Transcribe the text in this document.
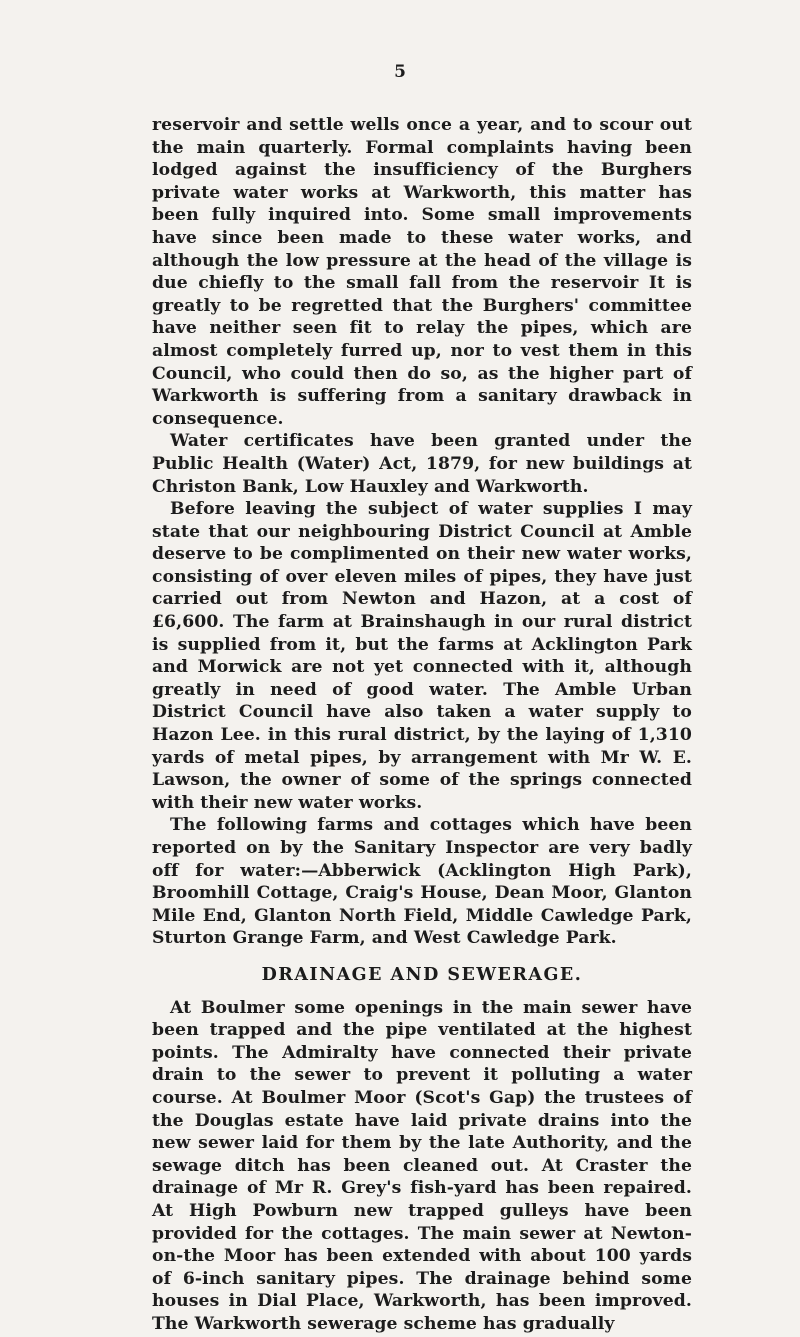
5

reservoir and settle wells once a year, and to scour out the main quarterly. Formal complaints having been lodged against the insufficiency of the Burghers private water works at Warkworth, this matter has been fully inquired into. Some small improvements have since been made to these water works, and although the low pressure at the head of the village is due chiefly to the small fall from the reservoir It is greatly to be regretted that the Burghers' committee have neither seen fit to relay the pipes, which are almost completely furred up, nor to vest them in this Council, who could then do so, as the higher part of Warkworth is suffering from a sanitary drawback in consequence.

Water certificates have been granted under the Public Health (Water) Act, 1879, for new buildings at Christon Bank, Low Hauxley and Warkworth.

Before leaving the subject of water supplies I may state that our neighbouring District Council at Amble deserve to be complimented on their new water works, consisting of over eleven miles of pipes, they have just carried out from Newton and Hazon, at a cost of £6,600. The farm at Brainshaugh in our rural district is supplied from it, but the farms at Acklington Park and Morwick are not yet connected with it, although greatly in need of good water. The Amble Urban District Council have also taken a water supply to Hazon Lee. in this rural district, by the laying of 1,310 yards of metal pipes, by arrangement with Mr W. E. Lawson, the owner of some of the springs connected with their new water works.

The following farms and cottages which have been reported on by the Sanitary Inspector are very badly off for water:—Abberwick (Acklington High Park), Broomhill Cottage, Craig's House, Dean Moor, Glanton Mile End, Glanton North Field, Middle Cawledge Park, Sturton Grange Farm, and West Cawledge Park.

DRAINAGE AND SEWERAGE.

At Boulmer some openings in the main sewer have been trapped and the pipe ventilated at the highest points. The Admiralty have connected their private drain to the sewer to prevent it polluting a water course. At Boulmer Moor (Scot's Gap) the trustees of the Douglas estate have laid private drains into the new sewer laid for them by the late Authority, and the sewage ditch has been cleaned out. At Craster the drainage of Mr R. Grey's fish-yard has been repaired. At High Powburn new trapped gulleys have been provided for the cottages. The main sewer at Newton-on-the Moor has been extended with about 100 yards of 6-inch sanitary pipes. The drainage behind some houses in Dial Place, Warkworth, has been improved. The Warkworth sewerage scheme has gradually
